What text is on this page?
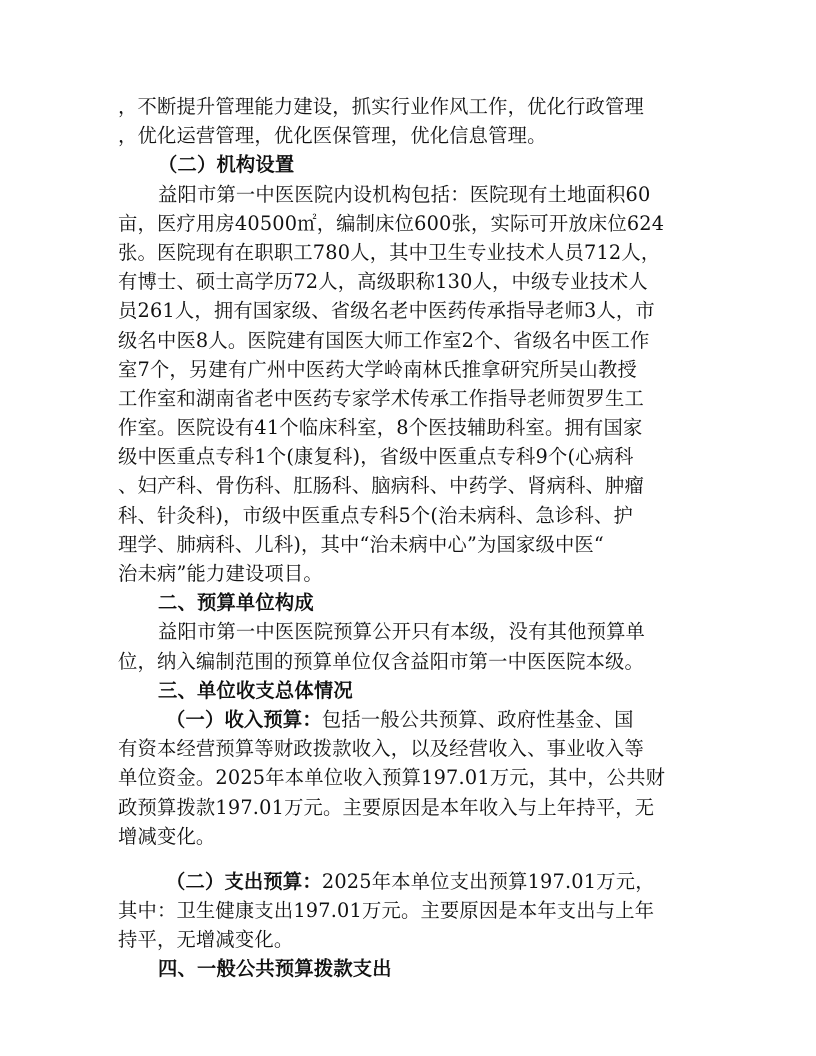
，不断提升管理能力建设，抓实行业作风工作，优化行政管理
，优化运营管理，优化医保管理，优化信息管理。
（二）机构设置
益阳市第一中医医院内设机构包括：医院现有土地面积60
亩，医疗用房40500㎡，编制床位600张，实际可开放床位624
张。医院现有在职职工780人，其中卫生专业技术人员712人，
有博士、硕士高学历72人，高级职称130人，中级专业技术人
员261人，拥有国家级、省级名老中医药传承指导老师3人，市
级名中医8人。医院建有国医大师工作室2个、省级名中医工作
室7个，另建有广州中医药大学岭南林氏推拿研究所吴山教授
工作室和湖南省老中医药专家学术传承工作指导老师贺罗生工
作室。医院设有41个临床科室，8个医技辅助科室。拥有国家
级中医重点专科1个(康复科)，省级中医重点专科9个(心病科
、妇产科、骨伤科、肛肠科、脑病科、中药学、肾病科、肿瘤
科、针灸科)，市级中医重点专科5个(治未病科、急诊科、护
理学、肺病科、儿科)，其中“治未病中心”为国家级中医“
治未病”能力建设项目。
二、预算单位构成
益阳市第一中医医院预算公开只有本级，没有其他预算单
位，纳入编制范围的预算单位仅含益阳市第一中医医院本级。
三、单位收支总体情况
（一）收入预算：包括一般公共预算、政府性基金、国
有资本经营预算等财政拨款收入，以及经营收入、事业收入等
单位资金。2025年本单位收入预算197.01万元，其中，公共财
政预算拨款197.01万元。主要原因是本年收入与上年持平，无
增减变化。
（二）支出预算：2025年本单位支出预算197.01万元，
其中：卫生健康支出197.01万元。主要原因是本年支出与上年
持平，无增减变化。
四、一般公共预算拨款支出
